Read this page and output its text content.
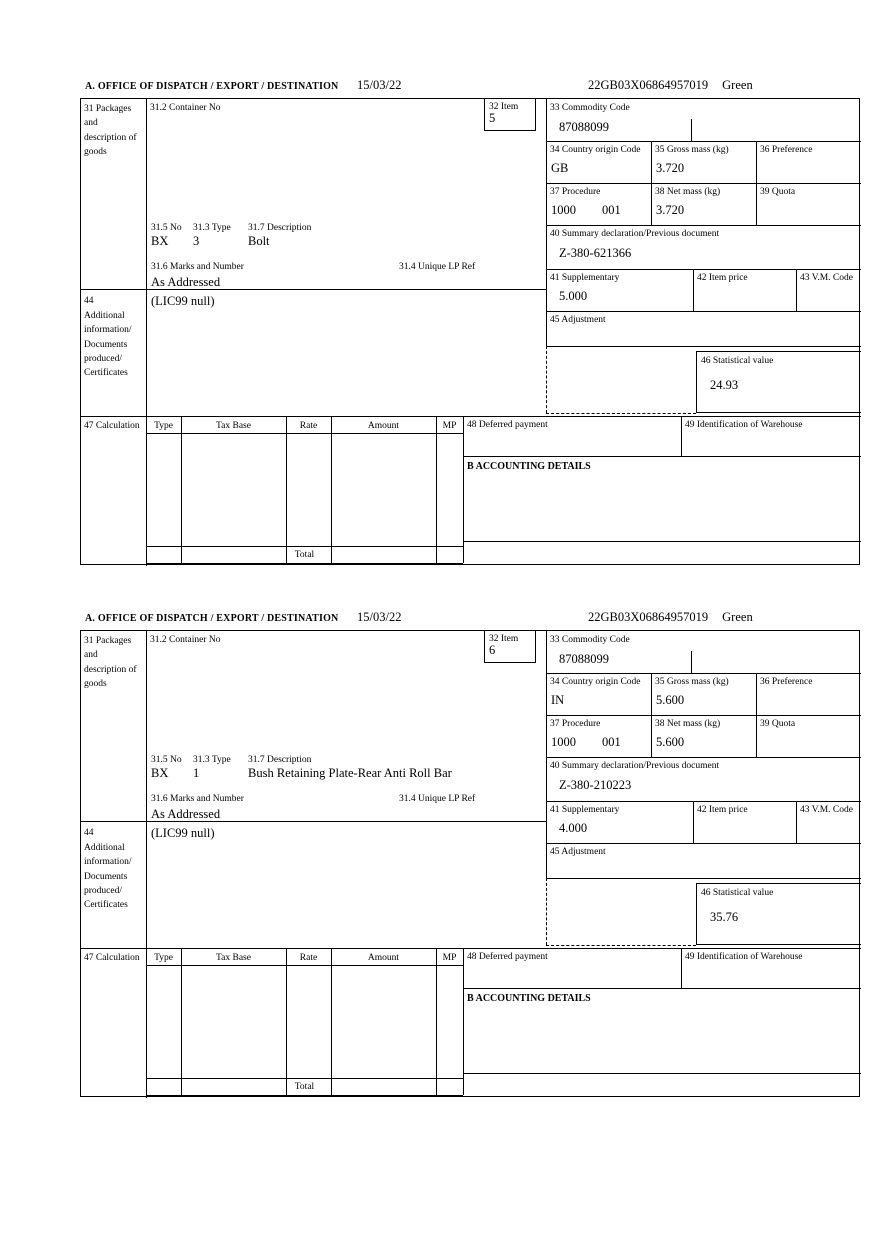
A. OFFICE OF DISPATCH / EXPORT / DESTINATION 15/03/22	22GB03X06864957019 Green
31 Packages and description of goods
44
Additional information/ Documents produced/ Certificates
47 Calculation
31.2 Container No	32 Item
5
31.5 No 31.3 Type 31.7 Description
BX 3	Bolt
31.6 Marks and Number	31.4 Unique LP Ref
As Addressed
(LIC99 null)
33 Commodity Code
87088099
34 Country origin Code
GB
35 Gross mass (kg)
3.720
36 Preference
37 Procedure
1000 001
38 Net mass (kg)
3.720
39 Quota
40 Summary declaration/Previous document
Z-380-621366
41 Supplementary
5.000
42 Item price	43 V.M. Code
45 Adjustment
46 Statistical value
24.93
Type	Tax Base	Rate	Amount	MP
Total
48 Deferred payment	49 Identification of Warehouse
B ACCOUNTING DETAILS
A. OFFICE OF DISPATCH / EXPORT / DESTINATION 15/03/22	22GB03X06864957019 Green
31 Packages and description of goods
44
Additional information/ Documents produced/ Certificates
47 Calculation
31.2 Container No	32 Item
6
31.5 No 31.3 Type 31.7 Description
BX 1	Bush Retaining Plate-Rear Anti Roll Bar
31.6 Marks and Number	31.4 Unique LP Ref
As Addressed
(LIC99 null)
33 Commodity Code
87088099
34 Country origin Code
IN
35 Gross mass (kg)
5.600
36 Preference
37 Procedure
1000 001
38 Net mass (kg)
5.600
39 Quota
40 Summary declaration/Previous document
Z-380-210223
41 Supplementary
4.000
42 Item price	43 V.M. Code
45 Adjustment
46 Statistical value
35.76
Type	Tax Base	Rate	Amount	MP
Total
48 Deferred payment	49 Identification of Warehouse
B ACCOUNTING DETAILS
